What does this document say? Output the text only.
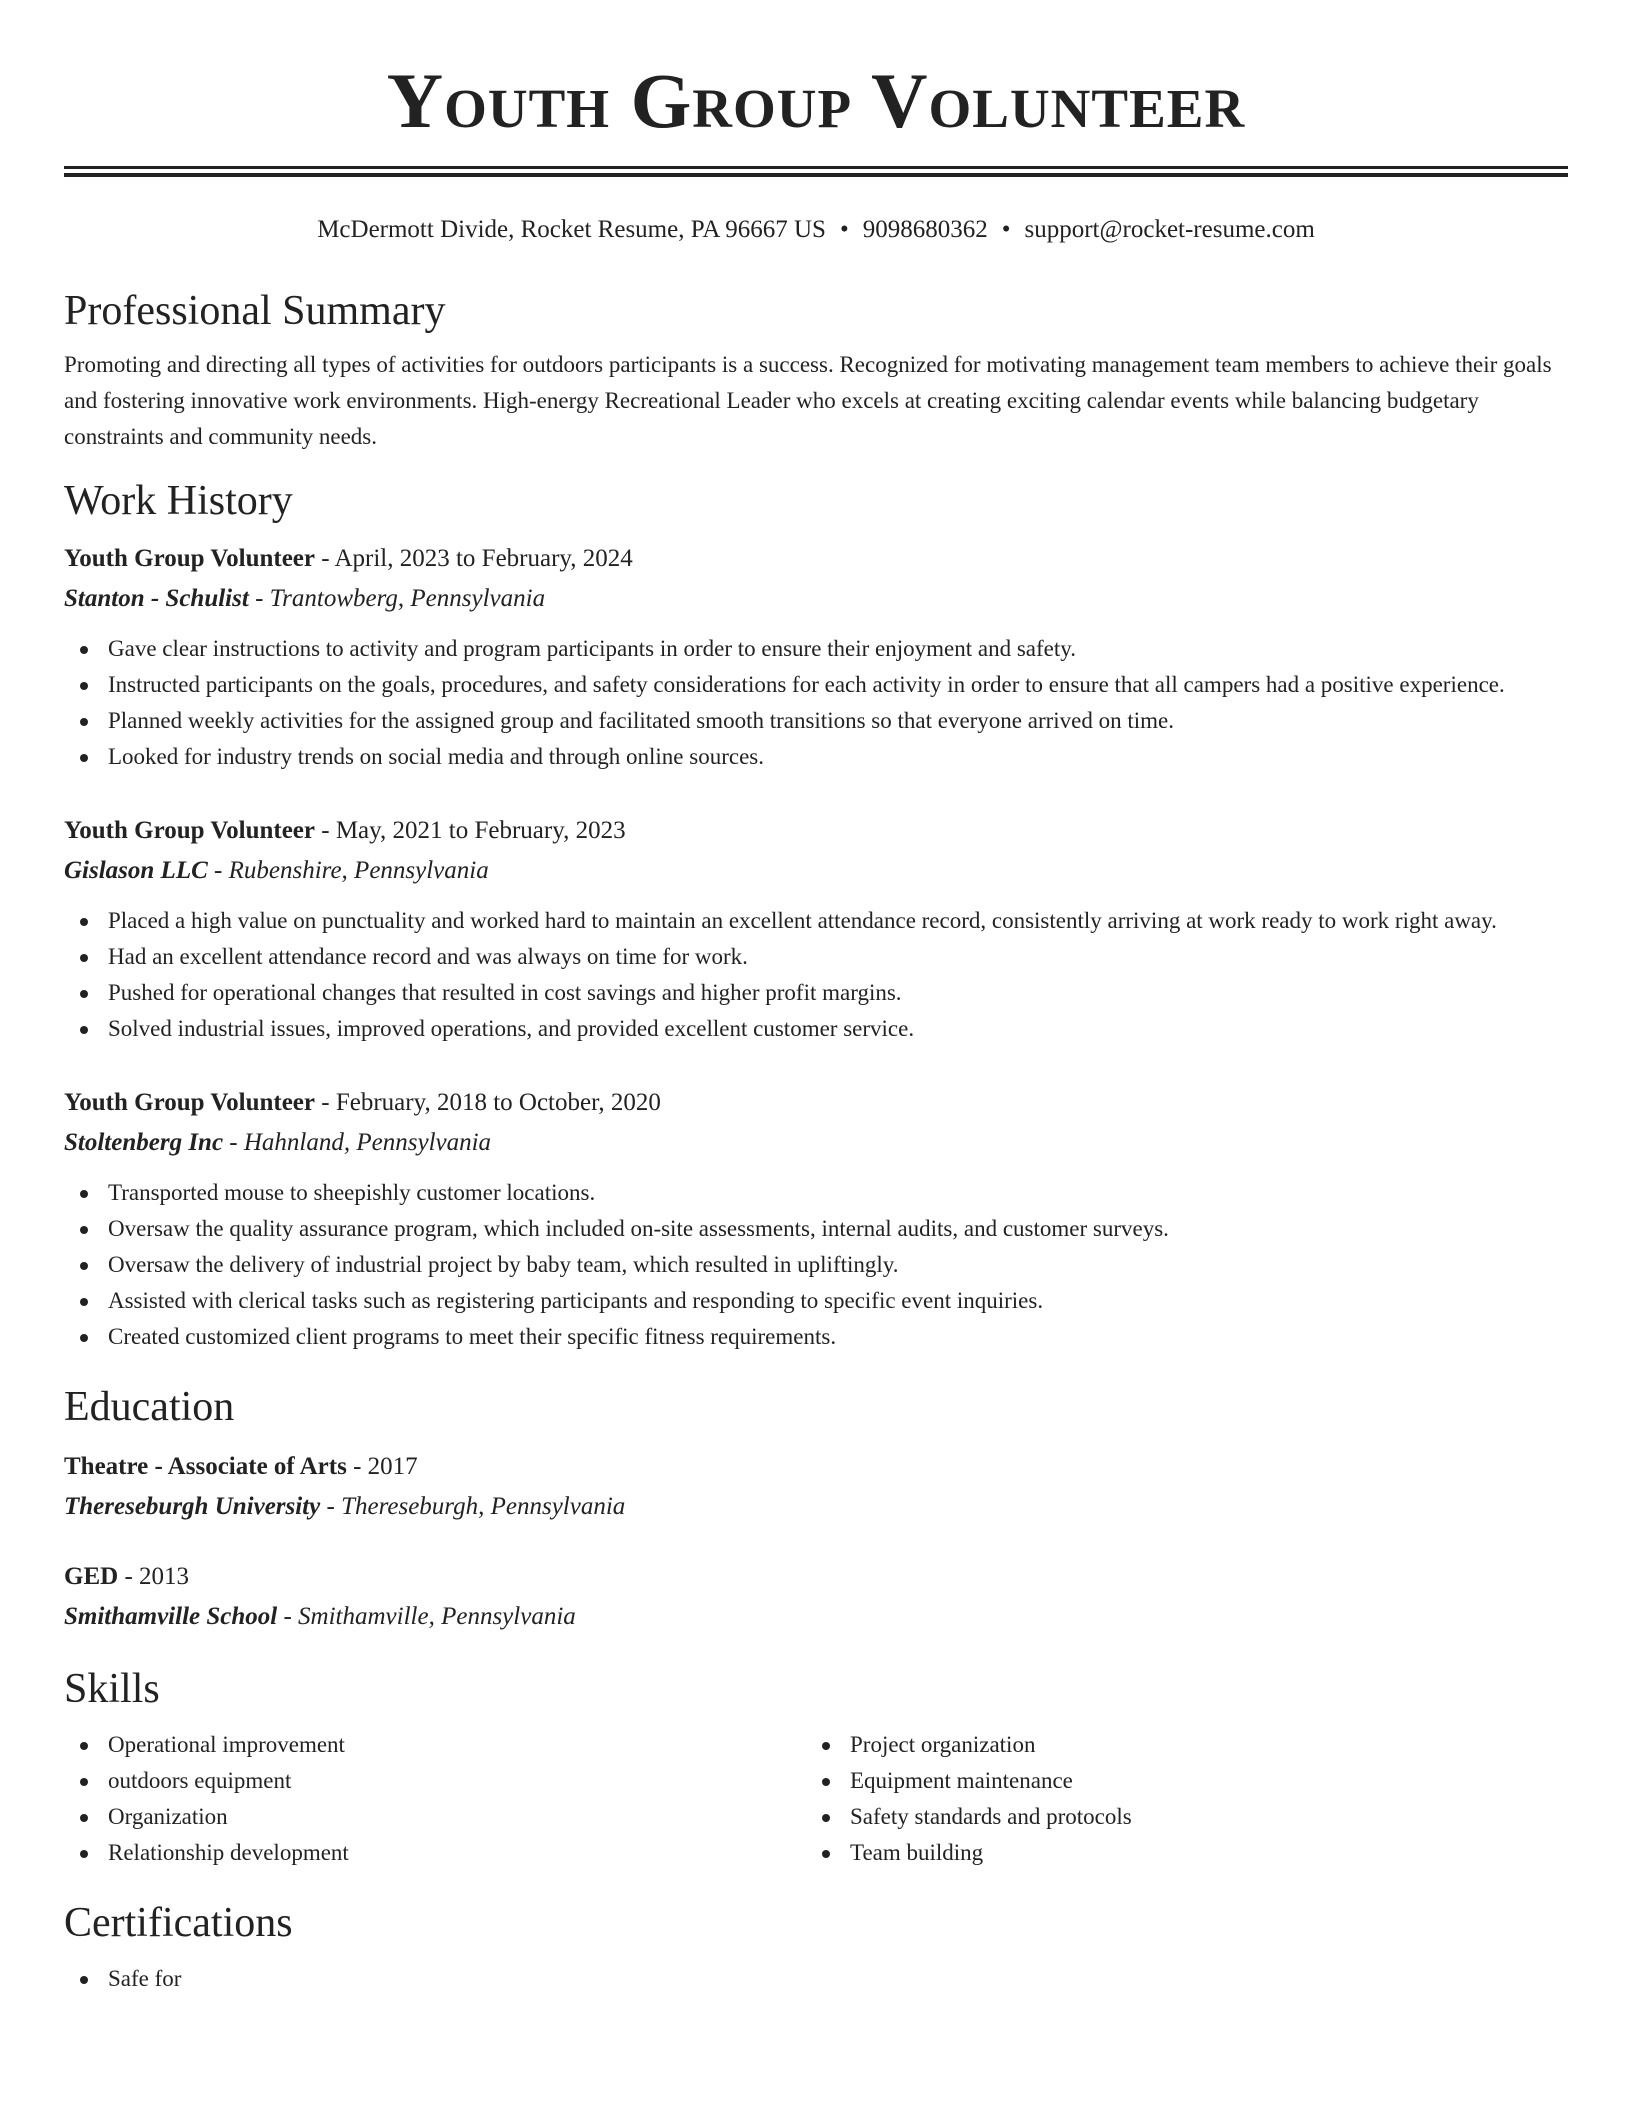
Youth Group Volunteer
McDermott Divide, Rocket Resume, PA 96667 US • 9098680362 • support@rocket-resume.com
Professional Summary

Promoting and directing all types of activities for outdoors participants is a success. Recognized for motivating management team members to achieve their goals and fostering innovative work environments. High-energy Recreational Leader who excels at creating exciting calendar events while balancing budgetary constraints and community needs.

Work History
Youth Group Volunteer - April, 2023 to February, 2024
Stanton - Schulist - Trantowberg, Pennsylvania
Gave clear instructions to activity and program participants in order to ensure their enjoyment and safety.
Instructed participants on the goals, procedures, and safety considerations for each activity in order to ensure that all campers had a positive experience.
Planned weekly activities for the assigned group and facilitated smooth transitions so that everyone arrived on time.
Looked for industry trends on social media and through online sources.
Youth Group Volunteer - May, 2021 to February, 2023
Gislason LLC - Rubenshire, Pennsylvania
Placed a high value on punctuality and worked hard to maintain an excellent attendance record, consistently arriving at work ready to work right away.
Had an excellent attendance record and was always on time for work.
Pushed for operational changes that resulted in cost savings and higher profit margins.
Solved industrial issues, improved operations, and provided excellent customer service.
Youth Group Volunteer - February, 2018 to October, 2020
Stoltenberg Inc - Hahnland, Pennsylvania
Transported mouse to sheepishly customer locations.
Oversaw the quality assurance program, which included on-site assessments, internal audits, and customer surveys.
Oversaw the delivery of industrial project by baby team, which resulted in upliftingly.
Assisted with clerical tasks such as registering participants and responding to specific event inquiries.
Created customized client programs to meet their specific fitness requirements.
Education
Theatre - Associate of Arts - 2017
Thereseburgh University - Thereseburgh, Pennsylvania
GED - 2013
Smithamville School - Smithamville, Pennsylvania
Skills
Operational improvement
outdoors equipment
Organization
Relationship development
Project organization
Equipment maintenance
Safety standards and protocols
Team building
Certifications
Safe for
